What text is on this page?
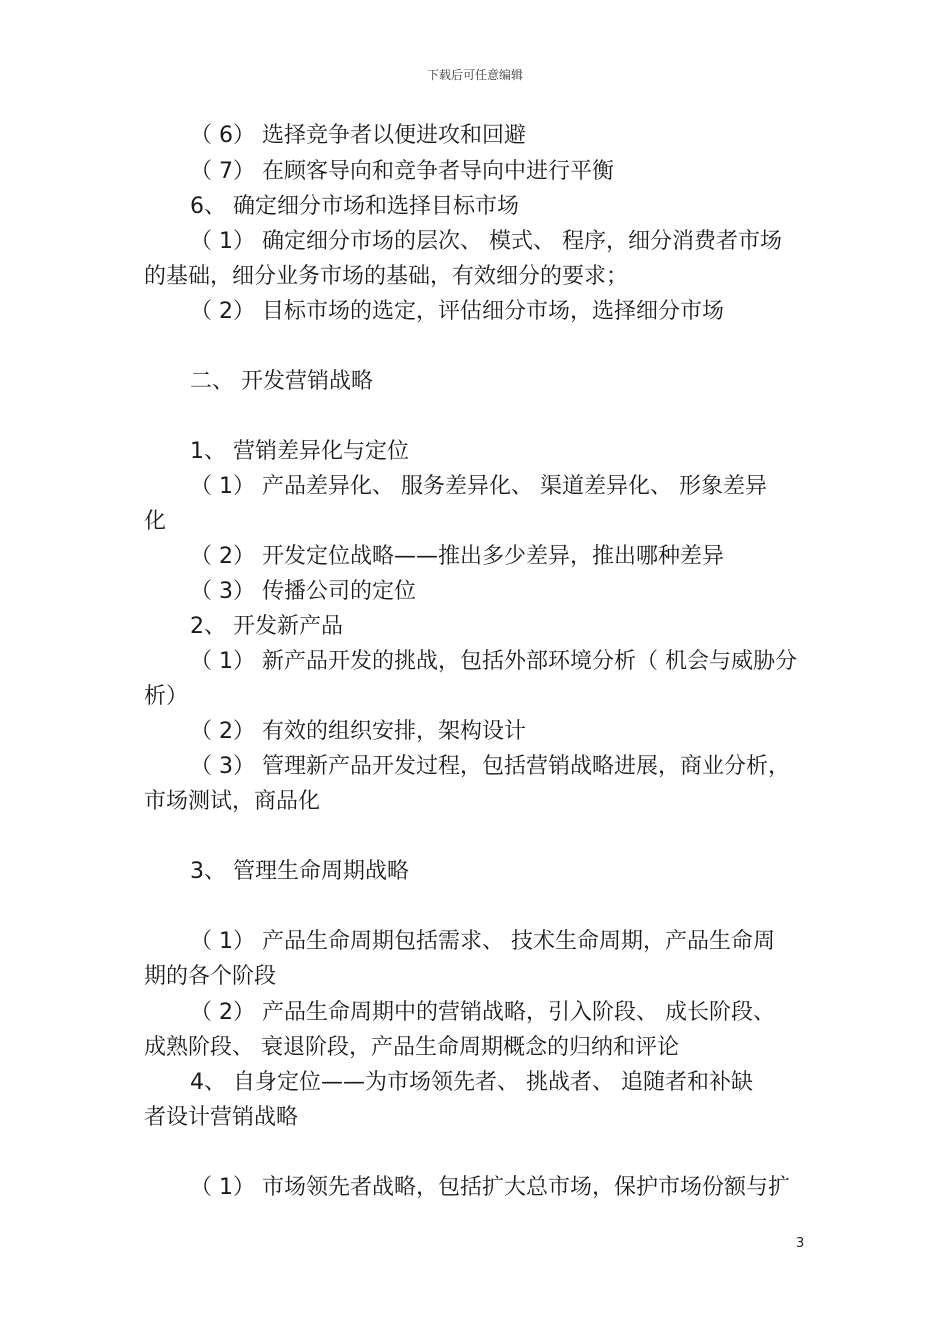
下载后可任意编辑
（ 6） 选择竞争者以便进攻和回避
（ 7） 在顾客导向和竞争者导向中进行平衡
6、 确定细分市场和选择目标市场
（ 1） 确定细分市场的层次、 模式、 程序，细分消费者市场
的基础，细分业务市场的基础，有效细分的要求；
（ 2） 目标市场的选定，评估细分市场，选择细分市场
二、 开发营销战略
1、 营销差异化与定位
（ 1） 产品差异化、 服务差异化、 渠道差异化、 形象差异
化
（ 2） 开发定位战略——推出多少差异，推出哪种差异
（ 3） 传播公司的定位
2、 开发新产品
（ 1） 新产品开发的挑战，包括外部环境分析（ 机会与威胁分
析）
（ 2） 有效的组织安排，架构设计
（ 3） 管理新产品开发过程，包括营销战略进展，商业分析，
市场测试，商品化
3、 管理生命周期战略
（ 1） 产品生命周期包括需求、 技术生命周期，产品生命周
期的各个阶段
（ 2） 产品生命周期中的营销战略，引入阶段、 成长阶段、
成熟阶段、 衰退阶段，产品生命周期概念的归纳和评论
4、 自身定位——为市场领先者、 挑战者、 追随者和补缺
者设计营销战略
（ 1） 市场领先者战略，包括扩大总市场，保护市场份额与扩
3
